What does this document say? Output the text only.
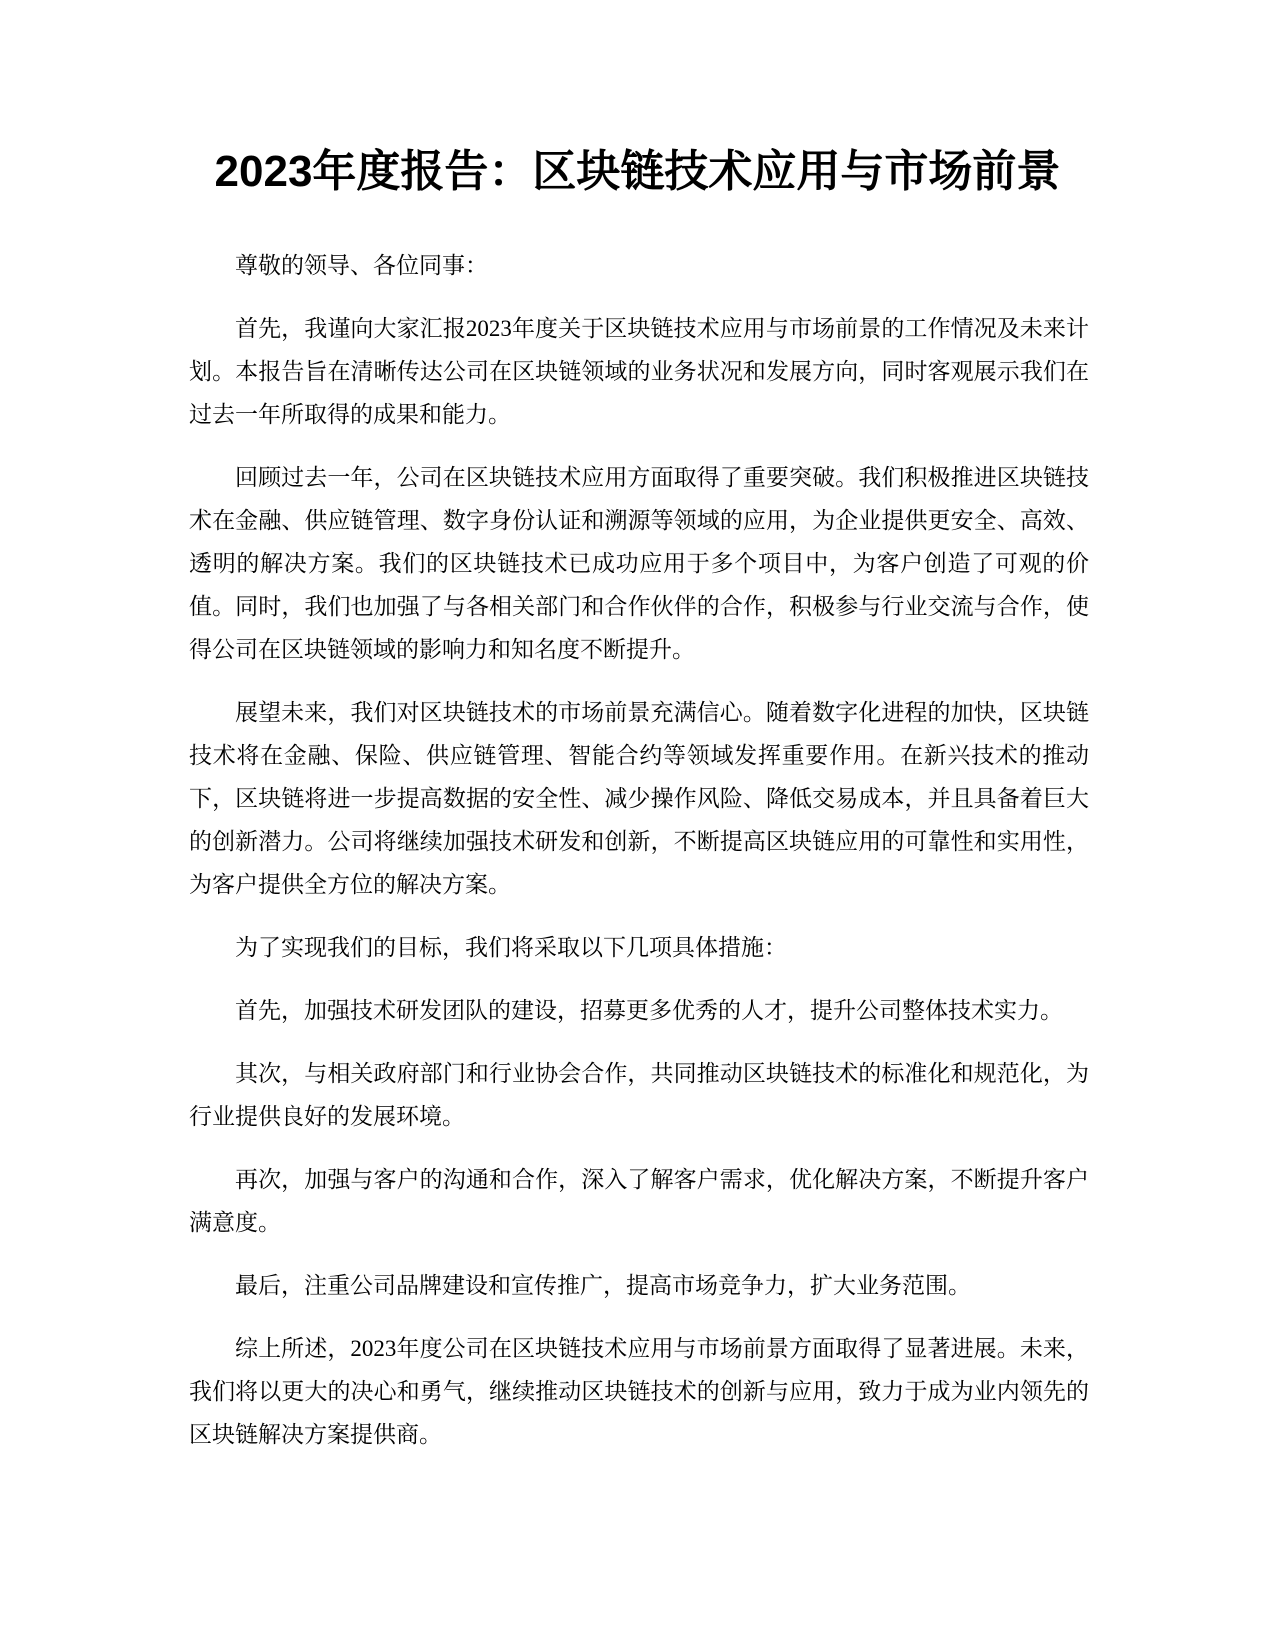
2023年度报告：区块链技术应用与市场前景

尊敬的领导、各位同事：

首先，我谨向大家汇报2023年度关于区块链技术应用与市场前景的工作情况及未来计划。本报告旨在清晰传达公司在区块链领域的业务状况和发展方向，同时客观展示我们在过去一年所取得的成果和能力。

回顾过去一年，公司在区块链技术应用方面取得了重要突破。我们积极推进区块链技术在金融、供应链管理、数字身份认证和溯源等领域的应用，为企业提供更安全、高效、透明的解决方案。我们的区块链技术已成功应用于多个项目中，为客户创造了可观的价值。同时，我们也加强了与各相关部门和合作伙伴的合作，积极参与行业交流与合作，使得公司在区块链领域的影响力和知名度不断提升。

展望未来，我们对区块链技术的市场前景充满信心。随着数字化进程的加快，区块链技术将在金融、保险、供应链管理、智能合约等领域发挥重要作用。在新兴技术的推动下，区块链将进一步提高数据的安全性、减少操作风险、降低交易成本，并且具备着巨大的创新潜力。公司将继续加强技术研发和创新，不断提高区块链应用的可靠性和实用性，为客户提供全方位的解决方案。

为了实现我们的目标，我们将采取以下几项具体措施：

首先，加强技术研发团队的建设，招募更多优秀的人才，提升公司整体技术实力。

其次，与相关政府部门和行业协会合作，共同推动区块链技术的标准化和规范化，为行业提供良好的发展环境。

再次，加强与客户的沟通和合作，深入了解客户需求，优化解决方案，不断提升客户满意度。

最后，注重公司品牌建设和宣传推广，提高市场竞争力，扩大业务范围。

综上所述，2023年度公司在区块链技术应用与市场前景方面取得了显著进展。未来，我们将以更大的决心和勇气，继续推动区块链技术的创新与应用，致力于成为业内领先的区块链解决方案提供商。
